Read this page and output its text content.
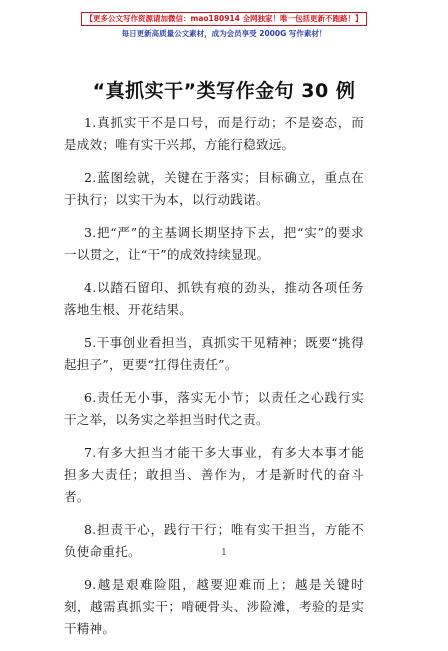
【更多公文写作资源请加微信：mao180914 全网独家！唯一包括更新不跑路！】
每日更新高质量公文素材，成为会员享受 2000G 写作素材！
“真抓实干”类写作金句 30 例

1.真抓实干不是口号，而是行动；不是姿态，而是成效；唯有实干兴邦，方能行稳致远。

2.蓝图绘就，关键在于落实；目标确立，重点在于执行；以实干为本，以行动践诺。

3.把“严”的主基调长期坚持下去，把“实”的要求一以贯之，让“干”的成效持续显现。

4.以踏石留印、抓铁有痕的劲头，推动各项任务落地生根、开花结果。

5.干事创业看担当，真抓实干见精神；既要“挑得起担子”，更要“扛得住责任”。

6.责任无小事，落实无小节；以责任之心践行实干之举，以务实之举担当时代之责。

7.有多大担当才能干多大事业，有多大本事才能担多大责任；敢担当、善作为，才是新时代的奋斗者。

8.担责干心，践行干行；唯有实干担当，方能不负使命重托。

9.越是艰难险阻，越要迎难而上；越是关键时刻，越需真抓实干；啃硬骨头、涉险滩，考验的是实干精神。

1
